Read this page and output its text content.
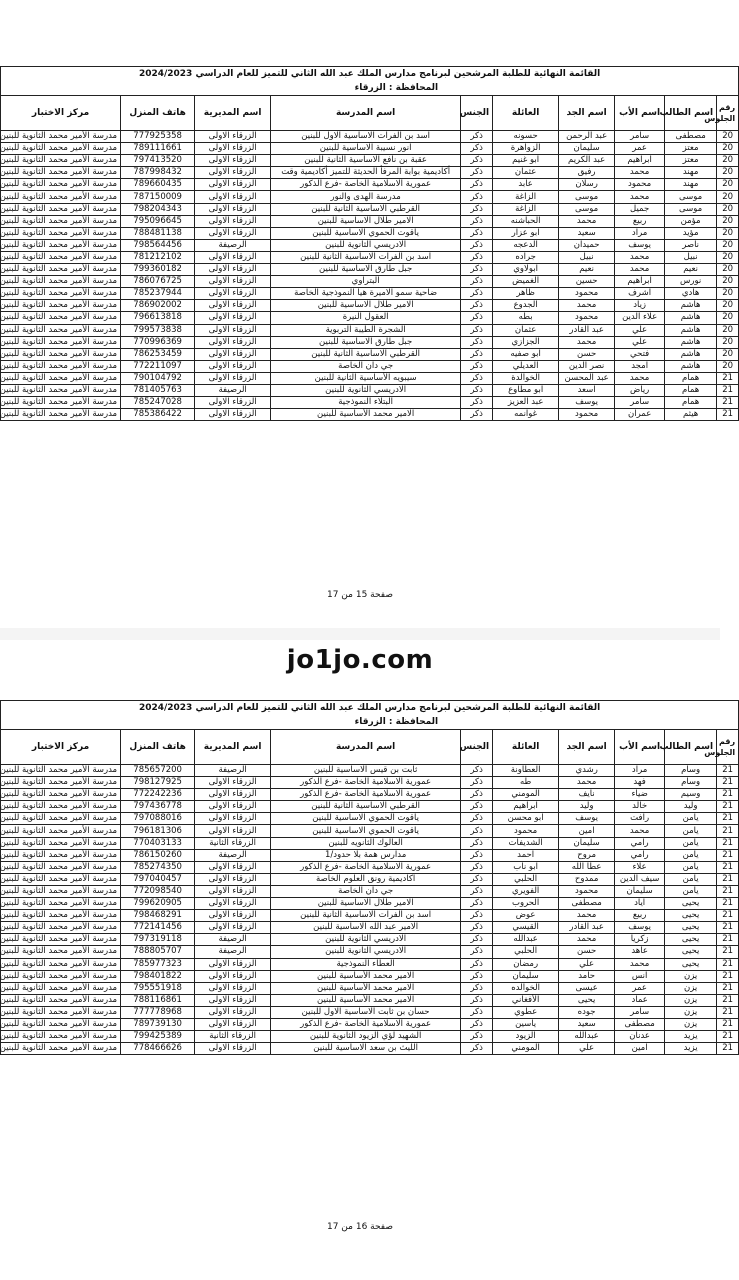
القائمة النهائية للطلبة المرشحين لبرنامج مدارس الملك عبد الله الثاني للتميز للعام الدراسي 2024/2023									
المحافظة : الزرقاء									
رقم الجلوس	اسم الطالب	اسم الأب	اسم الجد	العائلة	الجنس	اسم المدرسة	اسم المديرية	هاتف المنزل	مركز الاختبار
20	مصطفى	سامر	عبد الرحمن	حسونه	ذكر	اسد بن الفرات الاساسية الاول للبنين	الزرقاء الاولى	777925358	مدرسة الأمير محمد الثانوية للبنين
20	معتز	عمر	سليمان	الزواهرة	ذكر	انور نسيبة الاساسية للبنين	الزرقاء الاولى	789111661	مدرسة الأمير محمد الثانوية للبنين
20	معتز	ابراهيم	عبد الكريم	ابو غنيم	ذكر	عقبة بن نافع الاساسية الثانية للبنين	الزرقاء الاولى	797413520	مدرسة الأمير محمد الثانوية للبنين
20	مهند	محمد	رفيق	عثمان	ذكر	أكاديمية بوابة المرفأ الحديثة للتميز أكاديمية وقت	الزرقاء الاولى	787998432	مدرسة الأمير محمد الثانوية للبنين
20	مهند	محمود	رسلان	عابد	ذكر	عمورية الاسلامية الخاصة -فرع الذكور	الزرقاء الاولى	789660435	مدرسة الأمير محمد الثانوية للبنين
20	موسى	محمد	موسى	الزاغة	ذكر	مدرسة الهدى والنور	الزرقاء الاولى	787150009	مدرسة الأمير محمد الثانوية للبنين
20	موسى	جميل	موسى	الزاغة	ذكر	القرطبي الاساسية الثانية للبنين	الزرقاء الاولى	798204343	مدرسة الأمير محمد الثانوية للبنين
20	مؤمن	ربيع	محمد	الحباشنه	ذكر	الامير طلال الاساسية للبنين	الزرقاء الاولى	795096645	مدرسة الأمير محمد الثانوية للبنين
20	مؤيد	مراد	سعيد	ابو عزار	ذكر	ياقوت الحموي الاساسية للبنين	الزرقاء الاولى	788481138	مدرسة الأمير محمد الثانوية للبنين
20	ناصر	يوسف	حميدان	الدعجه	ذكر	الادريسي الثانوية للبنين	الرصيفة	798564456	مدرسة الأمير محمد الثانوية للبنين
20	نبيل	محمد	نبيل	جراده	ذكر	اسد بن الفرات الاساسية الثانية للبنين	الزرقاء الاولى	781212102	مدرسة الأمير محمد الثانوية للبنين
20	نعيم	محمد	نعيم	ابولاوي	ذكر	جبل طارق الاساسية للبنين	الزرقاء الاولى	799360182	مدرسة الأمير محمد الثانوية للبنين
20	نورس	ابراهيم	حسين	الغميض	ذكر	البتراوي	الزرقاء الاولى	786076725	مدرسة الأمير محمد الثانوية للبنين
20	هادي	اشرف	محمود	ظاهر	ذكر	ضاحية سمو الاميرة هيا النموذجية الخاصة	الزرقاء الاولى	785237944	مدرسة الأمير محمد الثانوية للبنين
20	هاشم	زياد	محمد	الجدوع	ذكر	الامير طلال الاساسية للبنين	الزرقاء الاولى	786902002	مدرسة الأمير محمد الثانوية للبنين
20	هاشم	علاء الدين	محمود	بطه	ذكر	العقول النيرة	الزرقاء الاولى	796613818	مدرسة الأمير محمد الثانوية للبنين
20	هاشم	علي	عبد القادر	عثمان	ذكر	الشجرة الطيبة التربوية	الزرقاء الاولى	799573838	مدرسة الأمير محمد الثانوية للبنين
20	هاشم	علي	محمد	الجزازي	ذكر	جبل طارق الاساسية للبنين	الزرقاء الاولى	770996369	مدرسة الأمير محمد الثانوية للبنين
20	هاشم	فتحي	حسن	ابو صفيه	ذكر	القرطبي الاساسية الثانية للبنين	الزرقاء الاولى	786253459	مدرسة الأمير محمد الثانوية للبنين
20	هاشم	امجد	نصر الدين	العديلي	ذكر	جي دان الخاصة	الزرقاء الاولى	772211097	مدرسة الأمير محمد الثانوية للبنين
21	همام	محمد	عبد المحسن	الخوالدة	ذكر	سيبويه الأساسية الثانية للبنين	الزرقاء الاولى	790104792	مدرسة الأمير محمد الثانوية للبنين
21	همام	رياض	اسعد	ابو مطاوع	ذكر	الادريسي الثانوية للبنين	الرصيفة	781405763	مدرسة الأمير محمد الثانوية للبنين
21	همام	سامر	يوسف	عبد العزيز	ذكر	البتلاء النموذجية	الزرقاء الاولى	785247028	مدرسة الأمير محمد الثانوية للبنين
21	هيثم	عمران	محمود	غوانمه	ذكر	الامير محمد الأساسية للبنين	الزرقاء الاولى	785386422	مدرسة الأمير محمد الثانوية للبنين
صفحة 15 من 17
jo1jo.com
القائمة النهائية للطلبة المرشحين لبرنامج مدارس الملك عبد الله الثاني للتميز للعام الدراسي 2024/2023									
المحافظة : الزرقاء									
رقم الجلوس	اسم الطالب	اسم الأب	اسم الجد	العائلة	الجنس	اسم المدرسة	اسم المديرية	هاتف المنزل	مركز الاختبار
21	وسام	مراد	رشدي	العطاونة	ذكر	ثابت بن قيس الاساسية للبنين	الرصيفة	785657200	مدرسة الأمير محمد الثانوية للبنين
21	وسام	فهد	محمد	طه	ذكر	عمورية الاسلامية الخاصة -فرع الذكور	الزرقاء الاولى	798127925	مدرسة الأمير محمد الثانوية للبنين
21	وسيم	ضياء	نايف	المومني	ذكر	عمورية الاسلامية الخاصة -فرع الذكور	الزرقاء الاولى	772242236	مدرسة الأمير محمد الثانوية للبنين
21	وليد	خالد	وليد	ابراهيم	ذكر	القرطبي الاساسية الثانية للبنين	الزرقاء الاولى	797436778	مدرسة الأمير محمد الثانوية للبنين
21	يامن	رافت	يوسف	ابو محسن	ذكر	ياقوت الحموي الاساسية للبنين	الزرقاء الاولى	797088016	مدرسة الأمير محمد الثانوية للبنين
21	يامن	محمد	امين	محمود	ذكر	ياقوت الحموي الاساسية للبنين	الزرقاء الاولى	796181306	مدرسة الأمير محمد الثانوية للبنين
21	يامن	رامي	سليمان	الشديفات	ذكر	العالوك الثانويه للبنين	الزرقاء الثانية	770403133	مدرسة الأمير محمد الثانوية للبنين
21	يامن	رامي	مروح	احمد	ذكر	مدارس همة بلا حدود/1	الرصيفة	786150260	مدرسة الأمير محمد الثانوية للبنين
21	يامن	علاء	عطا الله	ابو ناب	ذكر	عمورية الاسلامية الخاصة -فرع الذكور	الزرقاء الاولى	785274350	مدرسة الأمير محمد الثانوية للبنين
21	يامن	سيف الدين	ممدوح	الحلبي	ذكر	اكاديمية رونق العلوم الخاصة	الزرقاء الاولى	797040457	مدرسة الأمير محمد الثانوية للبنين
21	يامن	سليمان	محمود	الفويري	ذكر	جي دان الخاصة	الزرقاء الاولى	772098540	مدرسة الأمير محمد الثانوية للبنين
21	يحيى	اياد	مصطفى	الحروب	ذكر	الامير طلال الاساسية للبنين	الزرقاء الاولى	799620905	مدرسة الأمير محمد الثانوية للبنين
21	يحيى	ربيع	محمد	عوض	ذكر	اسد بن الفرات الاساسية الثانية للبنين	الزرقاء الاولى	798468291	مدرسة الأمير محمد الثانوية للبنين
21	يحيى	يوسف	عبد القادر	القيسي	ذكر	الامير عبد الله الاساسية للبنين	الزرقاء الاولى	772141456	مدرسة الأمير محمد الثانوية للبنين
21	يحيى	زكريا	محمد	عبدالله	ذكر	الادريسي الثانوية للبنين	الرصيفة	797319118	مدرسة الأمير محمد الثانوية للبنين
21	يحيى	عاهد	حسن	الحلبي	ذكر	الادريسي الثانوية للبنين	الرصيفة	788805707	مدرسة الأمير محمد الثانوية للبنين
21	يحيى	محمد	علي	رمضان	ذكر	العطاء النموذجية	الزرقاء الاولى	785977323	مدرسة الأمير محمد الثانوية للبنين
21	يزن	انس	حامد	سليمان	ذكر	الامير محمد الأساسية للبنين	الزرقاء الاولى	798401822	مدرسة الأمير محمد الثانوية للبنين
21	يزن	عمر	عيسى	الخوالده	ذكر	الامير محمد الأساسية للبنين	الزرقاء الاولى	795551918	مدرسة الأمير محمد الثانوية للبنين
21	يزن	عماد	يحيى	الأفغاني	ذكر	الامير محمد الأساسية للبنين	الزرقاء الاولى	788116861	مدرسة الأمير محمد الثانوية للبنين
21	يزن	سامر	جوده	عطوي	ذكر	حسان بن ثابت الاساسية الاول للبنين	الزرقاء الاولى	777778968	مدرسة الأمير محمد الثانوية للبنين
21	يزن	مصطفى	سعيد	ياسين	ذكر	عمورية الاسلامية الخاصة -فرع الذكور	الزرقاء الاولى	789739130	مدرسة الأمير محمد الثانوية للبنين
21	يزيد	عدنان	عبدالله	الزيود	ذكر	الشهيد لؤي الزيود الثانوية للبنين	الزرقاء الثانية	799425389	مدرسة الأمير محمد الثانوية للبنين
21	يزيد	امين	علي	المومني	ذكر	الليث بن سعد الاساسية للبنين	الزرقاء الاولى	778466626	مدرسة الأمير محمد الثانوية للبنين
صفحة 16 من 17
